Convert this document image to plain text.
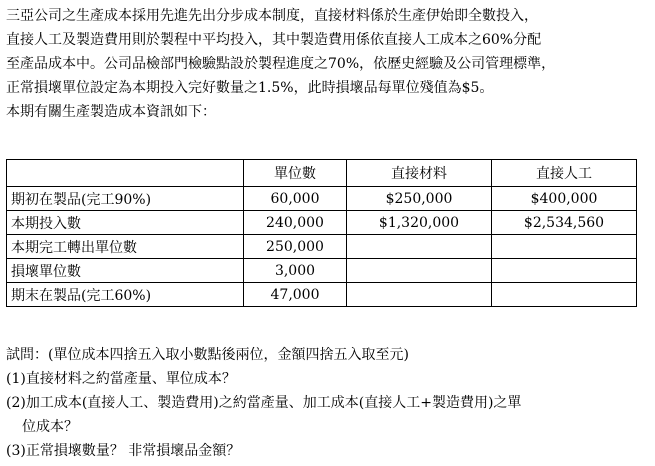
三亞公司之生產成本採用先進先出分步成本制度，直接材料係於生產伊始即全數投入，
直接人工及製造費用則於製程中平均投入，其中製造費用係依直接人工成本之60%分配
至產品成本中。公司品檢部門檢驗點設於製程進度之70%，依歷史經驗及公司管理標準，
正常損壞單位設定為本期投入完好數量之1.5%，此時損壞品每單位殘值為$5。
本期有關生產製造成本資訊如下：
	單位數	直接材料	直接人工
期初在製品(完工90%)	60,000	$250,000	$400,000
本期投入數	240,000	$1,320,000	$2,534,560
本期完工轉出單位數	250,000		
損壞單位數	3,000		
期末在製品(完工60%)	47,000		
試問：(單位成本四捨五入取小數點後兩位，金額四捨五入取至元)
(1)直接材料之約當產量、單位成本？
(2)加工成本(直接人工、製造費用)之約當產量、加工成本(直接人工+製造費用)之單
位成本？
(3)正常損壞數量？ 非常損壞品金額？
